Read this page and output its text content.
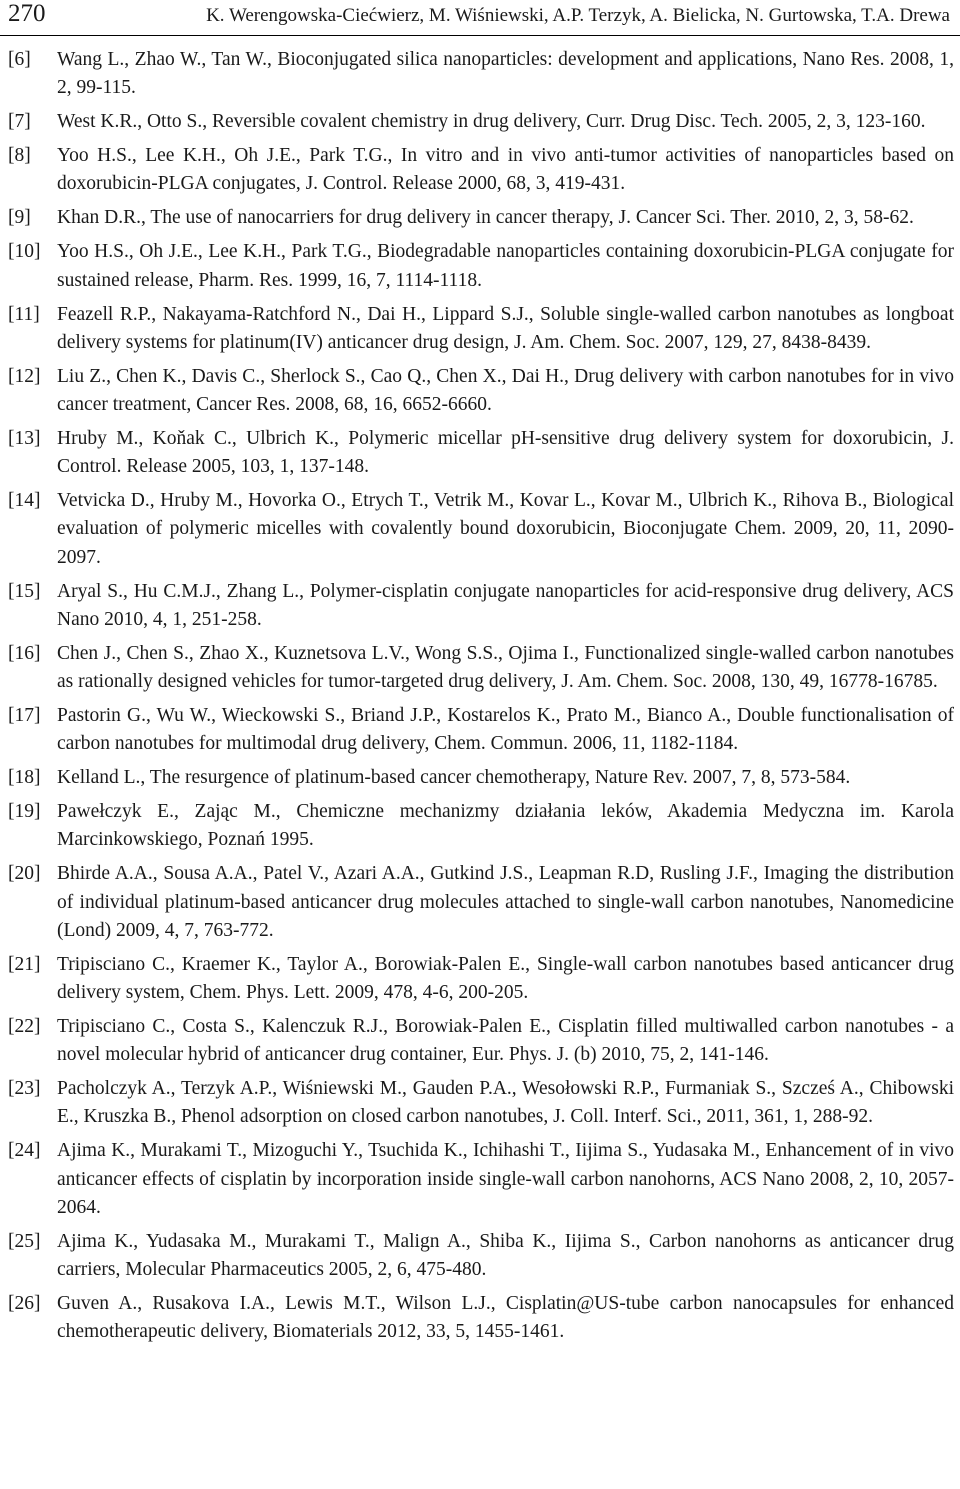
270	K. Werengowska-Ciećwierz, M. Wiśniewski, A.P. Terzyk, A. Bielicka, N. Gurtowska, T.A. Drewa
[6]	Wang L., Zhao W., Tan W., Bioconjugated silica nanoparticles: development and applications, Nano Res. 2008, 1, 2, 99-115.
[7]	West K.R., Otto S., Reversible covalent chemistry in drug delivery, Curr. Drug Disc. Tech. 2005, 2, 3, 123-160.
[8]	Yoo H.S., Lee K.H., Oh J.E., Park T.G., In vitro and in vivo anti-tumor activities of nanoparticles based on doxorubicin-PLGA conjugates, J. Control. Release 2000, 68, 3, 419-431.
[9]	Khan D.R., The use of nanocarriers for drug delivery in cancer therapy, J. Cancer Sci. Ther. 2010, 2, 3, 58-62.
[10] Yoo H.S., Oh J.E., Lee K.H., Park T.G., Biodegradable nanoparticles containing doxorubicin-PLGA conjugate for sustained release, Pharm. Res. 1999, 16, 7, 1114-1118.
[11] Feazell R.P., Nakayama-Ratchford N., Dai H., Lippard S.J., Soluble single-walled carbon nanotubes as longboat delivery systems for platinum(IV) anticancer drug design, J. Am. Chem. Soc. 2007, 129, 27, 8438-8439.
[12] Liu Z., Chen K., Davis C., Sherlock S., Cao Q., Chen X., Dai H., Drug delivery with carbon nanotubes for in vivo cancer treatment, Cancer Res. 2008, 68, 16, 6652-6660.
[13] Hruby M., Koňak C., Ulbrich K., Polymeric micellar pH-sensitive drug delivery system for doxorubicin, J. Control. Release 2005, 103, 1, 137-148.
[14] Vetvicka D., Hruby M., Hovorka O., Etrych T., Vetrik M., Kovar L., Kovar M., Ulbrich K., Rihova B., Biological evaluation of polymeric micelles with covalently bound doxorubicin, Bioconjugate Chem. 2009, 20, 11, 2090-2097.
[15] Aryal S., Hu C.M.J., Zhang L., Polymer-cisplatin conjugate nanoparticles for acid-responsive drug delivery, ACS Nano 2010, 4, 1, 251-258.
[16] Chen J., Chen S., Zhao X., Kuznetsova L.V., Wong S.S., Ojima I., Functionalized single-walled carbon nanotubes as rationally designed vehicles for tumor-targeted drug delivery, J. Am. Chem. Soc. 2008, 130, 49, 16778-16785.
[17] Pastorin G., Wu W., Wieckowski S., Briand J.P., Kostarelos K., Prato M., Bianco A., Double functionalisation of carbon nanotubes for multimodal drug delivery, Chem. Commun. 2006, 11, 1182-1184.
[18] Kelland L., The resurgence of platinum-based cancer chemotherapy, Nature Rev. 2007, 7, 8, 573-584.
[19] Pawełczyk E., Zając M., Chemiczne mechanizmy działania leków, Akademia Medyczna im. Karola Marcinkowskiego, Poznań 1995.
[20] Bhirde A.A., Sousa A.A., Patel V., Azari A.A., Gutkind J.S., Leapman R.D, Rusling J.F., Imaging the distribution of individual platinum-based anticancer drug molecules attached to single-wall carbon nanotubes, Nanomedicine (Lond) 2009, 4, 7, 763-772.
[21] Tripisciano C., Kraemer K., Taylor A., Borowiak-Palen E., Single-wall carbon nanotubes based anticancer drug delivery system, Chem. Phys. Lett. 2009, 478, 4-6, 200-205.
[22] Tripisciano C., Costa S., Kalenczuk R.J., Borowiak-Palen E., Cisplatin filled multiwalled carbon nanotubes - a novel molecular hybrid of anticancer drug container, Eur. Phys. J. (b) 2010, 75, 2, 141-146.
[23] Pacholczyk A., Terzyk A.P., Wiśniewski M., Gauden P.A., Wesołowski R.P., Furmaniak S., Szcześ A., Chibowski E., Kruszka B., Phenol adsorption on closed carbon nanotubes, J. Coll. Interf. Sci., 2011, 361, 1, 288-92.
[24] Ajima K., Murakami T., Mizoguchi Y., Tsuchida K., Ichihashi T., Iijima S., Yudasaka M., Enhancement of in vivo anticancer effects of cisplatin by incorporation inside single-wall carbon nanohorns, ACS Nano 2008, 2, 10, 2057-2064.
[25] Ajima K., Yudasaka M., Murakami T., Malign A., Shiba K., Iijima S., Carbon nanohorns as anticancer drug carriers, Molecular Pharmaceutics 2005, 2, 6, 475-480.
[26] Guven A., Rusakova I.A., Lewis M.T., Wilson L.J., Cisplatin@US-tube carbon nanocapsules for enhanced chemotherapeutic delivery, Biomaterials 2012, 33, 5, 1455-1461.
